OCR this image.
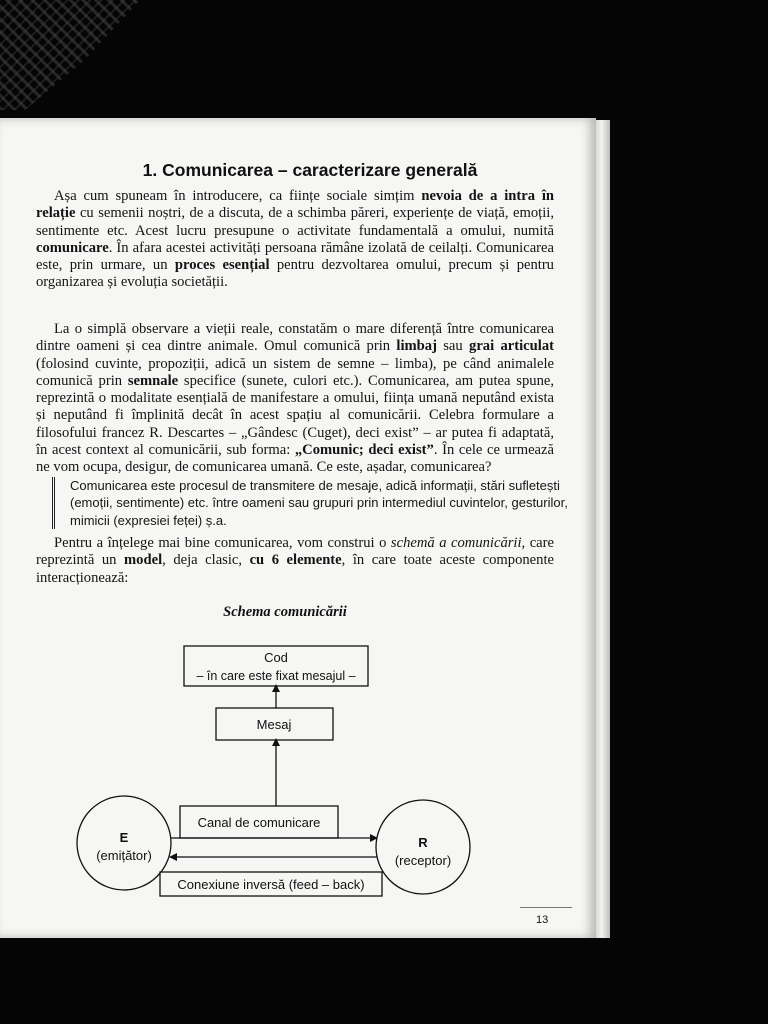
1. Comunicarea – caracterizare generală

Așa cum spuneam în introducere, ca ființe sociale simțim nevoia de a intra în relație cu semenii noștri, de a discuta, de a schimba păreri, experiențe de viață, emoții, sentimente etc. Acest lucru presupune o activitate fundamentală a omului, numită comunicare. În afara acestei activități persoana rămâne izolată de ceilalți. Comunicarea este, prin urmare, un proces esențial pentru dezvoltarea omului, precum și pentru organizarea și evoluția societății.

La o simplă observare a vieții reale, constatăm o mare diferență între comunicarea dintre oameni și cea dintre animale. Omul comunică prin limbaj sau grai articulat (folosind cuvinte, propoziții, adică un sistem de semne – limba), pe când animalele comunică prin semnale specifice (sunete, culori etc.). Comunicarea, am putea spune, reprezintă o modalitate esențială de manifestare a omului, ființa umană neputând exista și neputând fi împlinită decât în acest spațiu al comunicării. Celebra formulare a filosofului francez R. Descartes – „Gândesc (Cuget), deci exist” – ar putea fi adaptată, în acest context al comunicării, sub forma: „Comunic; deci exist”. În cele ce urmează ne vom ocupa, desigur, de comunicarea umană. Ce este, așadar, comunicarea?

Comunicarea este procesul de transmitere de mesaje, adică informații, stări sufletești (emoții, sentimente) etc. între oameni sau grupuri prin intermediul cuvintelor, gesturilor, mimicii (expresiei feței) ș.a.

Pentru a înțelege mai bine comunicarea, vom construi o schemă a comunicării, care reprezintă un model, deja clasic, cu 6 elemente, în care toate aceste componente interacționează:

Schema comunicării

Cod
– în care este fixat mesajul –
Mesaj
Canal de comunicare
E
(emițător)
R
(receptor)
Conexiune inversă (feed – back)

13
